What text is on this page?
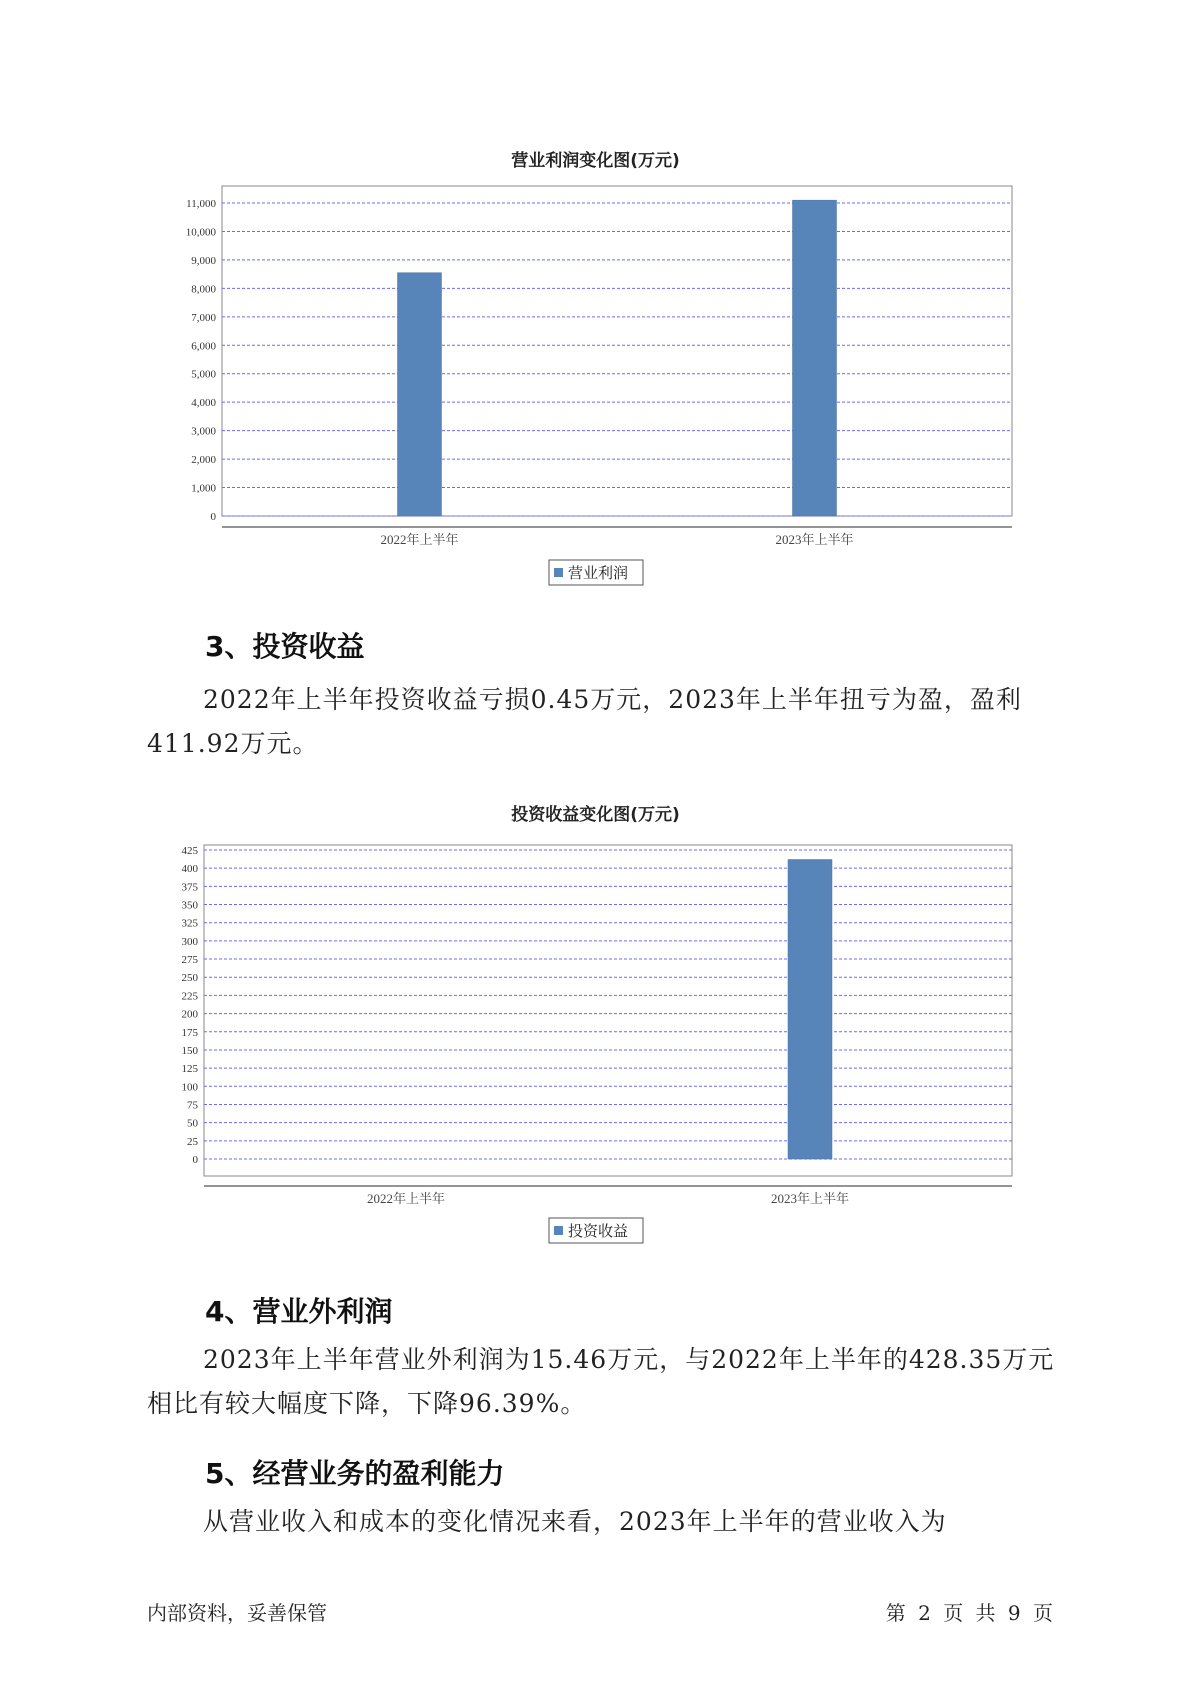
营业利润变化图(万元)
0
1,000
2,000
3,000
4,000
5,000
6,000
7,000
8,000
9,000
10,000
11,000
2022年上半年	2023年上半年
营业利润
3、投资收益

2022年上半年投资收益亏损0.45万元，2023年上半年扭亏为盈，盈利411.92万元。

投资收益变化图(万元)
0
25
50
75
100
125
150
175
200
225
250
275
300
325
350
375
400
425
2022年上半年	2023年上半年
投资收益
4、营业外利润

2023年上半年营业外利润为15.46万元，与2022年上半年的428.35万元相比有较大幅度下降，下降96.39%。

5、经营业务的盈利能力

从营业收入和成本的变化情况来看，2023年上半年的营业收入为

内部资料，妥善保管	第 2 页 共 9 页
